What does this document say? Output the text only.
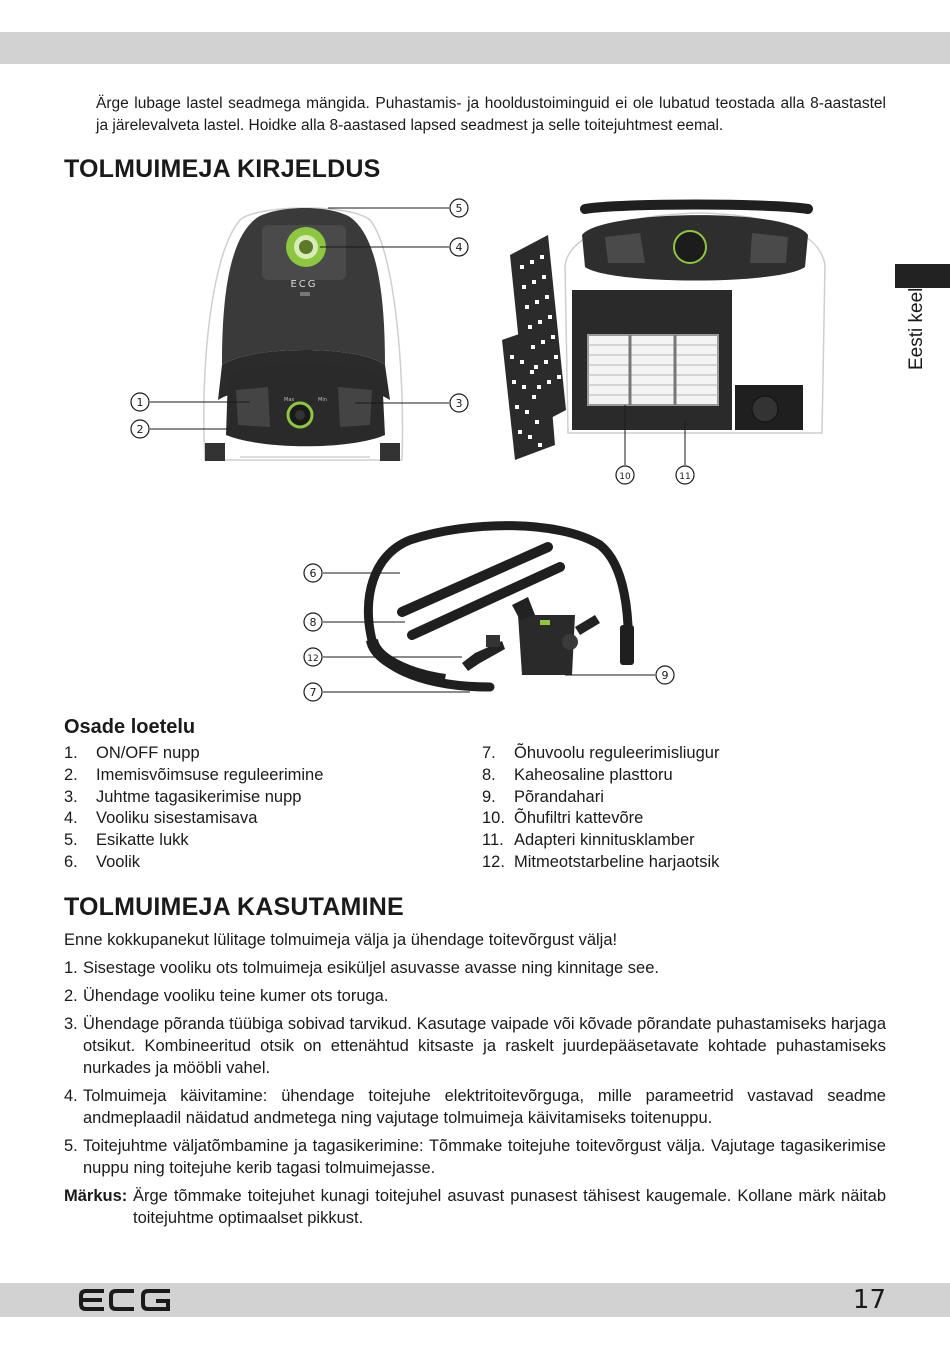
Eesti keel

Ärge lubage lastel seadmega mängida. Puhastamis- ja hooldustoiminguid ei ole lubatud teostada alla 8-aastastel ja järelevalveta lastel. Hoidke alla 8-aastased lapsed seadmest ja selle toitejuhtmest eemal.

TOLMUIMEJA KIRJELDUS
ECG
Max	Min
1
2
3
4
5
6
7
8
9
10	11
12
Osade loetelu
1.	ON/OFF nupp
2.	Imemisvõimsuse reguleerimine
3.	Juhtme tagasikerimise nupp
4.	Vooliku sisestamisava
5.	Esikatte lukk
6.	Voolik
7.	Õhuvoolu reguleerimisliugur
8.	Kaheosaline plasttoru
9.	Põrandahari
10. Õhufiltri kattevõre
11. Adapteri kinnitusklamber
12. Mitmeotstarbeline harjaotsik
TOLMUIMEJA KASUTAMINE

Enne kokkupanekut lülitage tolmuimeja välja ja ühendage toitevõrgust välja!

1. Sisestage vooliku ots tolmuimeja esiküljel asuvasse avasse ning kinnitage see.
2. Ühendage vooliku teine kumer ots toruga.
3. Ühendage põranda tüübiga sobivad tarvikud. Kasutage vaipade või kõvade põrandate puhastamiseks harjaga otsikut. Kombineeritud otsik on ettenähtud kitsaste ja raskelt juurdepääsetavate kohtade puhastamiseks nurkades ja mööbli vahel.
4. Tolmuimeja käivitamine: ühendage toitejuhe elektritoitevõrguga, mille parameetrid vastavad seadme andmeplaadil näidatud andmetega ning vajutage tolmuimeja käivitamiseks toitenuppu.
5. Toitejuhtme väljatõmbamine ja tagasikerimine: Tõmmake toitejuhe toitevõrgust välja. Vajutage tagasikerimise nuppu ning toitejuhe kerib tagasi tolmuimejasse.
Märkus: Ärge tõmmake toitejuhet kunagi toitejuhel asuvast punasest tähisest kaugemale. Kollane märk näitab toitejuhtme optimaalset pikkust.
17
